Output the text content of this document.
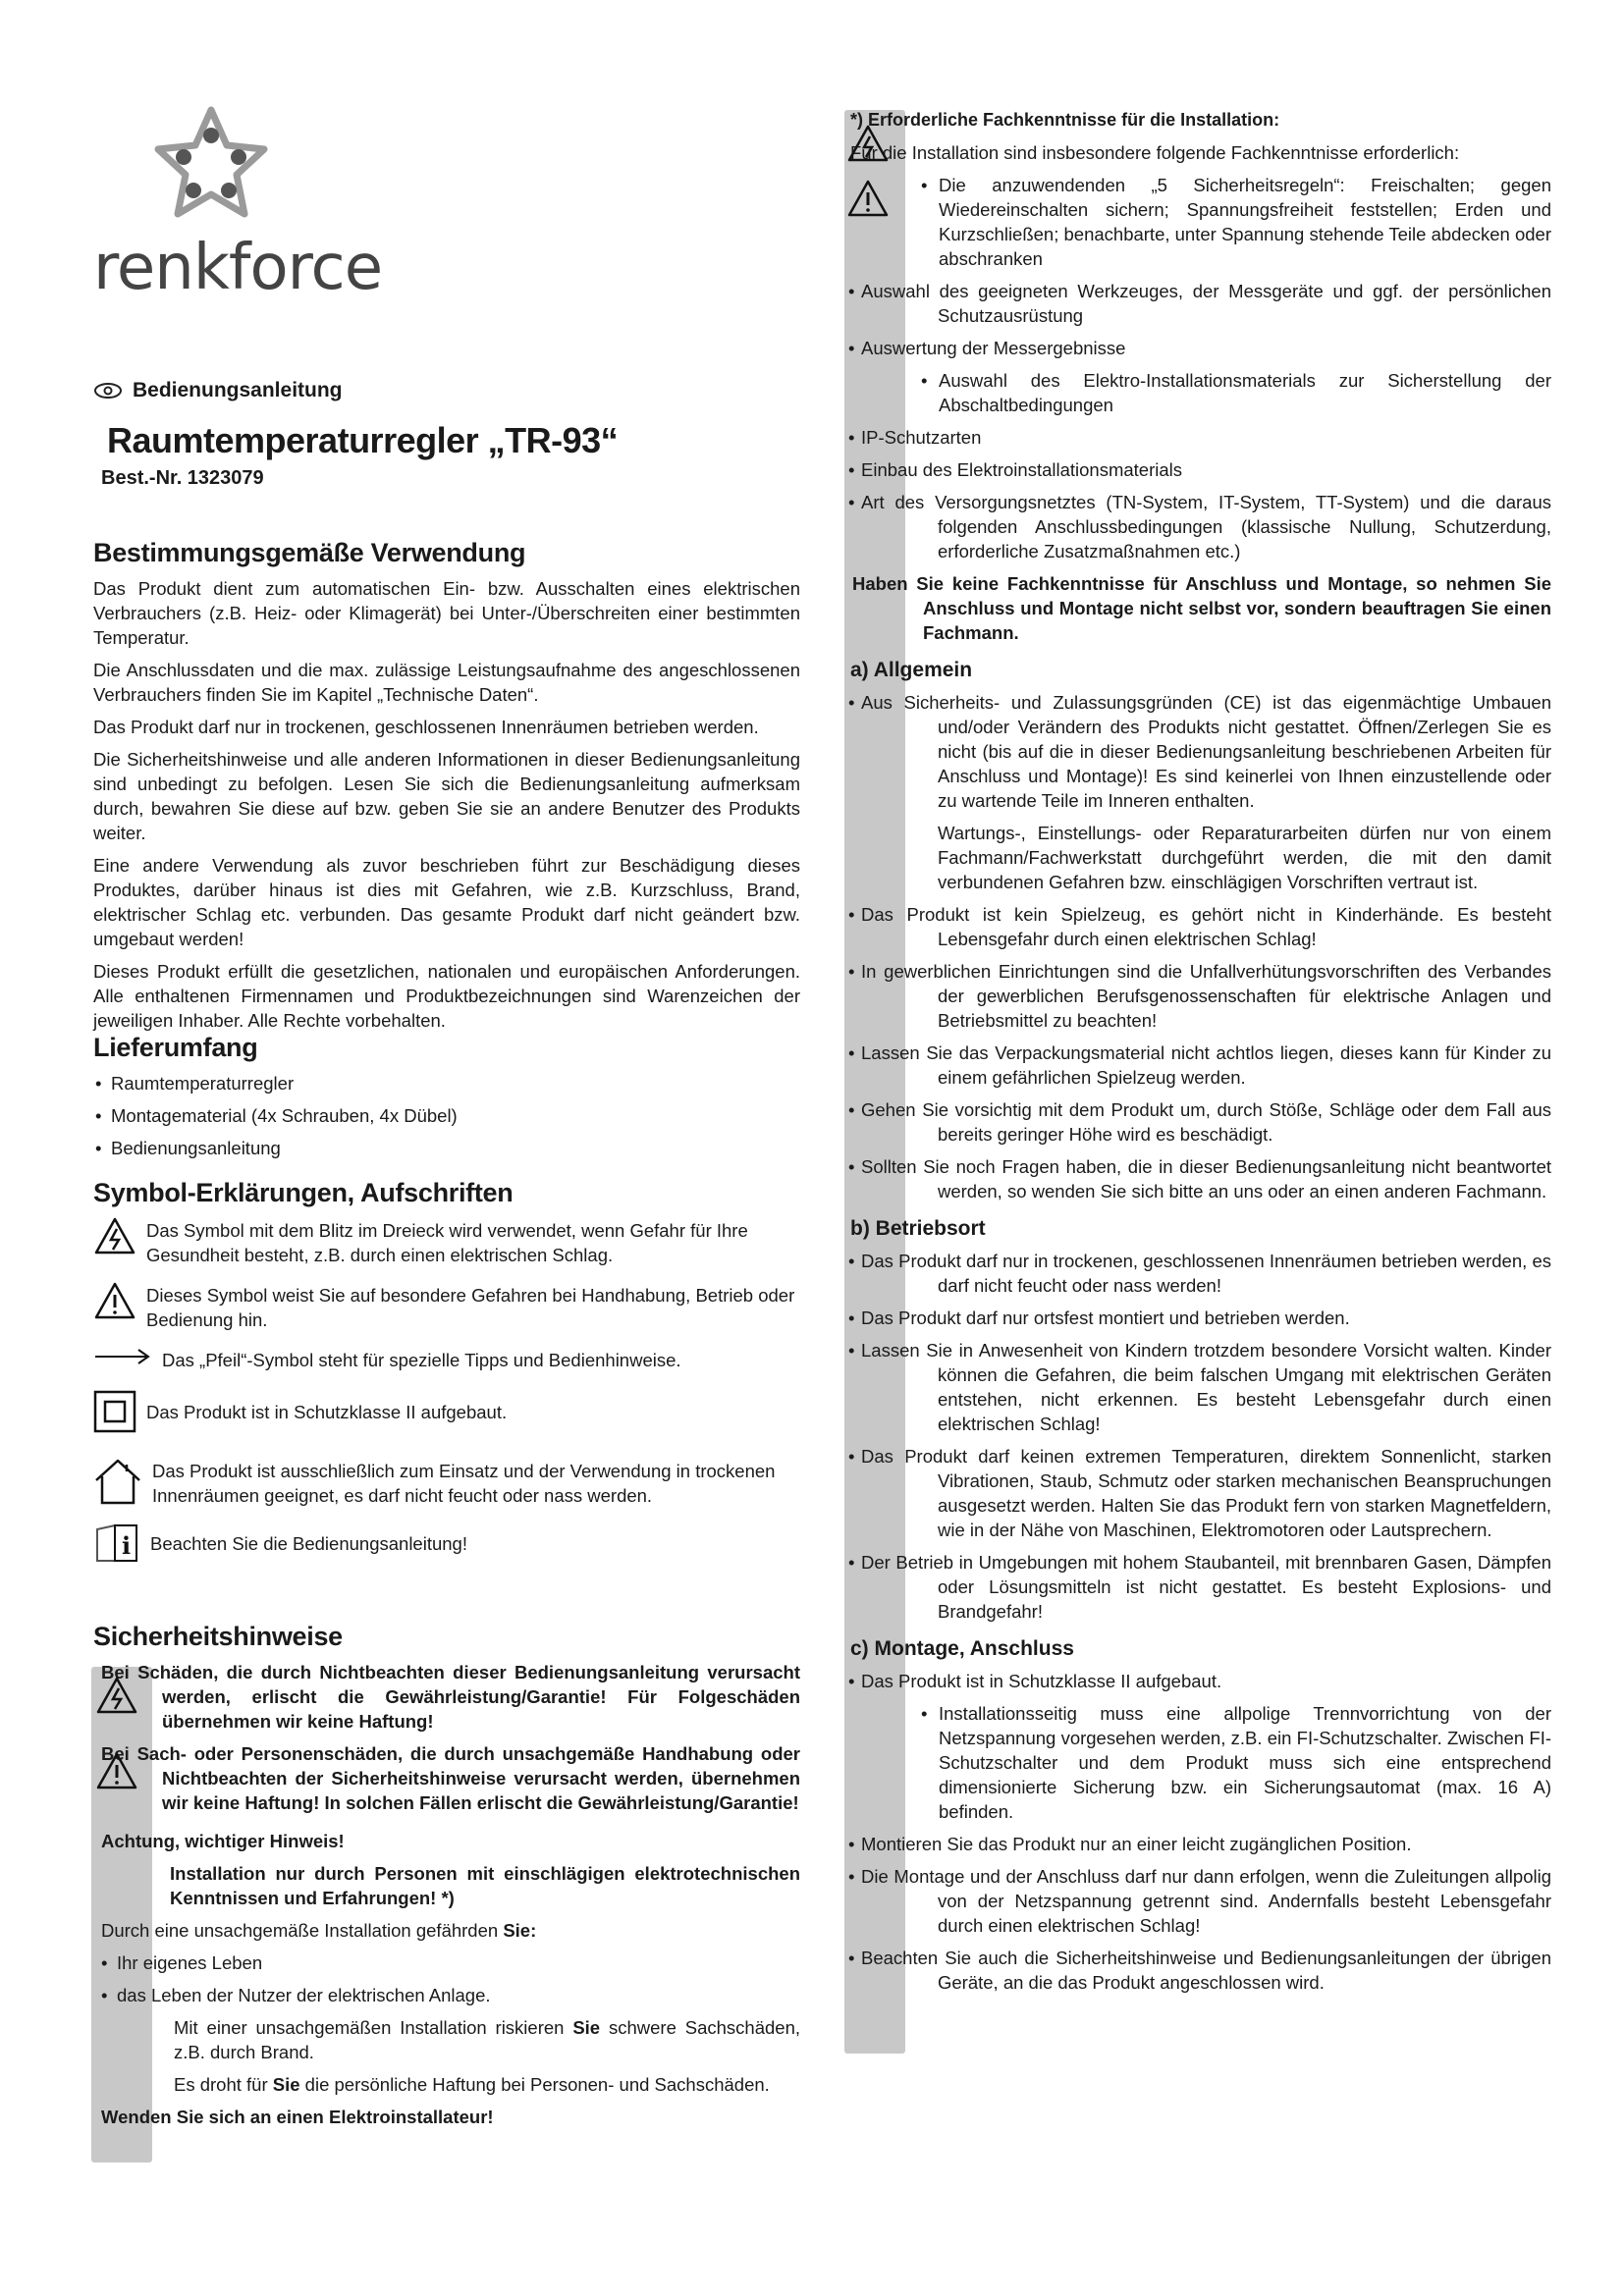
renkforce
Bedienungsanleitung
Raumtemperaturregler „TR-93“
Best.-Nr. 1323079
Bestimmungsgemäße Verwendung

Das Produkt dient zum automatischen Ein- bzw. Ausschalten eines elektrischen Verbrauchers (z.B. Heiz- oder Klimagerät) bei Unter-/Überschreiten einer bestimmten Temperatur.

Die Anschlussdaten und die max. zulässige Leistungsaufnahme des angeschlossenen Verbrauchers finden Sie im Kapitel „Technische Daten“.

Das Produkt darf nur in trockenen, geschlossenen Innenräumen betrieben werden.

Die Sicherheitshinweise und alle anderen Informationen in dieser Bedienungsanleitung sind unbedingt zu befolgen. Lesen Sie sich die Bedienungsanleitung aufmerksam durch, bewahren Sie diese auf bzw. geben Sie sie an andere Benutzer des Produkts weiter.

Eine andere Verwendung als zuvor beschrieben führt zur Beschädigung dieses Produktes, darüber hinaus ist dies mit Gefahren, wie z.B. Kurzschluss, Brand, elektrischer Schlag etc. verbunden. Das gesamte Produkt darf nicht geändert bzw. umgebaut werden!

Dieses Produkt erfüllt die gesetzlichen, nationalen und europäischen Anforderungen. Alle enthaltenen Firmennamen und Produktbezeichnungen sind Warenzeichen der jeweiligen Inhaber. Alle Rechte vorbehalten.

Lieferumfang
• Raumtemperaturregler
• Montagematerial (4x Schrauben, 4x Dübel)
• Bedienungsanleitung
Symbol-Erklärungen, Aufschriften
Das Symbol mit dem Blitz im Dreieck wird verwendet, wenn Gefahr für Ihre Gesundheit besteht, z.B. durch einen elektrischen Schlag.
Dieses Symbol weist Sie auf besondere Gefahren bei Handhabung, Betrieb oder Bedienung hin.
Das „Pfeil“-Symbol steht für spezielle Tipps und Bedienhinweise.
Das Produkt ist in Schutzklasse II aufgebaut.
Das Produkt ist ausschließlich zum Einsatz und der Verwendung in trockenen Innenräumen geeignet, es darf nicht feucht oder nass werden.
i Beachten Sie die Bedienungsanleitung!
Sicherheitshinweise

Bei Schäden, die durch Nichtbeachten dieser Bedienungsanleitung verursacht werden, erlischt die Gewährleistung/Garantie! Für Folgeschäden übernehmen wir keine Haftung!

Bei Sach- oder Personenschäden, die durch unsachgemäße Handhabung oder Nichtbeachten der Sicherheitshinweise verursacht werden, übernehmen wir keine Haftung! In solchen Fällen erlischt die Gewährleistung/Garantie!

Achtung, wichtiger Hinweis!

Installation nur durch Personen mit einschlägigen elektrotechnischen Kenntnissen und Erfahrungen! *)

Durch eine unsachgemäße Installation gefährden Sie:

• Ihr eigenes Leben
• das Leben der Nutzer der elektrischen Anlage.

Mit einer unsachgemäßen Installation riskieren Sie schwere Sachschäden, z.B. durch Brand.

Es droht für Sie die persönliche Haftung bei Personen- und Sachschäden.

Wenden Sie sich an einen Elektroinstallateur!

*) Erforderliche Fachkenntnisse für die Installation:
Für die Installation sind insbesondere folgende Fachkenntnisse erforderlich:
• Die anzuwendenden „5 Sicherheitsregeln“: Freischalten; gegen Wiedereinschalten sichern; Spannungsfreiheit feststellen; Erden und Kurzschließen; benachbarte, unter Spannung stehende Teile abdecken oder abschranken
• Auswahl des geeigneten Werkzeuges, der Messgeräte und ggf. der persönlichen Schutzausrüstung
• Auswertung der Messergebnisse
• Auswahl des Elektro-Installationsmaterials zur Sicherstellung der Abschaltbedingungen
• IP-Schutzarten
• Einbau des Elektroinstallationsmaterials
• Art des Versorgungsnetztes (TN-System, IT-System, TT-System) und die daraus folgenden Anschlussbedingungen (klassische Nullung, Schutzerdung, erforderliche Zusatzmaßnahmen etc.)
Haben Sie keine Fachkenntnisse für Anschluss und Montage, so nehmen Sie Anschluss und Montage nicht selbst vor, sondern beauftragen Sie einen Fachmann.
a) Allgemein
• Aus Sicherheits- und Zulassungsgründen (CE) ist das eigenmächtige Umbauen und/oder Verändern des Produkts nicht gestattet. Öffnen/Zerlegen Sie es nicht (bis auf die in dieser Bedienungsanleitung beschriebenen Arbeiten für Anschluss und Montage)! Es sind keinerlei von Ihnen einzustellende oder zu wartende Teile im Inneren enthalten.
Wartungs-, Einstellungs- oder Reparaturarbeiten dürfen nur von einem Fachmann/Fachwerkstatt durchgeführt werden, die mit den damit verbundenen Gefahren bzw. einschlägigen Vorschriften vertraut ist.
• Das Produkt ist kein Spielzeug, es gehört nicht in Kinderhände. Es besteht Lebensgefahr durch einen elektrischen Schlag!
• In gewerblichen Einrichtungen sind die Unfallverhütungsvorschriften des Verbandes der gewerblichen Berufsgenossenschaften für elektrische Anlagen und Betriebsmittel zu beachten!
• Lassen Sie das Verpackungsmaterial nicht achtlos liegen, dieses kann für Kinder zu einem gefährlichen Spielzeug werden.
• Gehen Sie vorsichtig mit dem Produkt um, durch Stöße, Schläge oder dem Fall aus bereits geringer Höhe wird es beschädigt.
• Sollten Sie noch Fragen haben, die in dieser Bedienungsanleitung nicht beantwortet werden, so wenden Sie sich bitte an uns oder an einen anderen Fachmann.
b) Betriebsort
• Das Produkt darf nur in trockenen, geschlossenen Innenräumen betrieben werden, es darf nicht feucht oder nass werden!
• Das Produkt darf nur ortsfest montiert und betrieben werden.
• Lassen Sie in Anwesenheit von Kindern trotzdem besondere Vorsicht walten. Kinder können die Gefahren, die beim falschen Umgang mit elektrischen Geräten entstehen, nicht erkennen. Es besteht Lebensgefahr durch einen elektrischen Schlag!
• Das Produkt darf keinen extremen Temperaturen, direktem Sonnenlicht, starken Vibrationen, Staub, Schmutz oder starken mechanischen Beanspruchungen ausgesetzt werden. Halten Sie das Produkt fern von starken Magnetfeldern, wie in der Nähe von Maschinen, Elektromotoren oder Lautsprechern.
• Der Betrieb in Umgebungen mit hohem Staubanteil, mit brennbaren Gasen, Dämpfen oder Lösungsmitteln ist nicht gestattet. Es besteht Explosions- und Brandgefahr!
c) Montage, Anschluss
• Das Produkt ist in Schutzklasse II aufgebaut.
• Installationsseitig muss eine allpolige Trennvorrichtung von der Netzspannung vorgesehen werden, z.B. ein FI-Schutzschalter. Zwischen FI-Schutzschalter und dem Produkt muss sich eine entsprechend dimensionierte Sicherung bzw. ein Sicherungsautomat (max. 16 A) befinden.
• Montieren Sie das Produkt nur an einer leicht zugänglichen Position.
• Die Montage und der Anschluss darf nur dann erfolgen, wenn die Zuleitungen allpolig von der Netzspannung getrennt sind. Andernfalls besteht Lebensgefahr durch einen elektrischen Schlag!
• Beachten Sie auch die Sicherheitshinweise und Bedienungsanleitungen der übrigen Geräte, an die das Produkt angeschlossen wird.
